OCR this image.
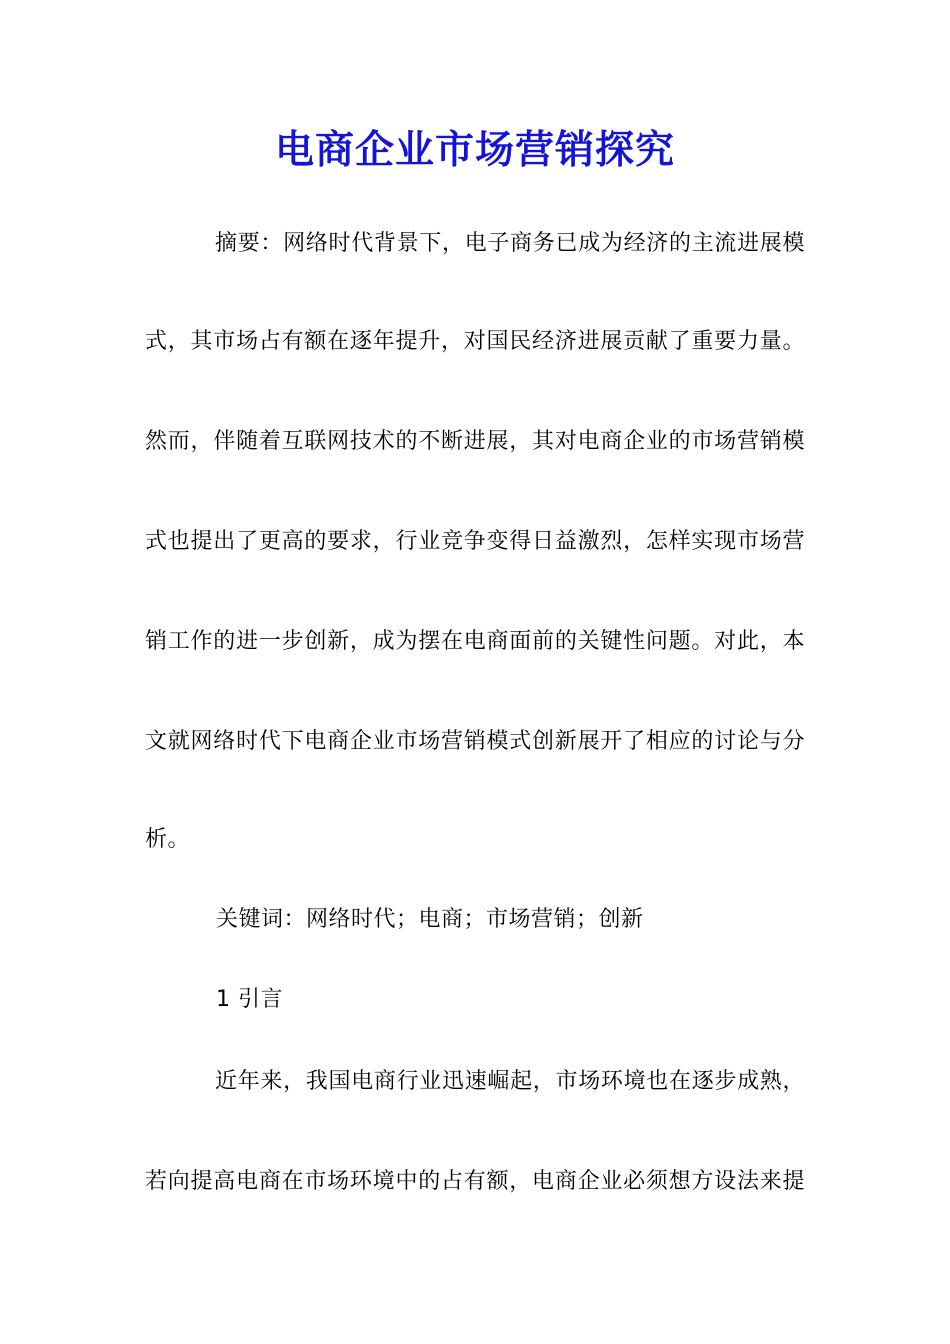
电商企业市场营销探究
摘要：网络时代背景下，电子商务已成为经济的主流进展模
式，其市场占有额在逐年提升，对国民经济进展贡献了重要力量。
然而，伴随着互联网技术的不断进展，其对电商企业的市场营销模
式也提出了更高的要求，行业竞争变得日益激烈，怎样实现市场营
销工作的进一步创新，成为摆在电商面前的关键性问题。对此，本
文就网络时代下电商企业市场营销模式创新展开了相应的讨论与分
析。
关键词：网络时代；电商；市场营销；创新
1 引言
近年来，我国电商行业迅速崛起，市场环境也在逐步成熟，
若向提高电商在市场环境中的占有额，电商企业必须想方设法来提
